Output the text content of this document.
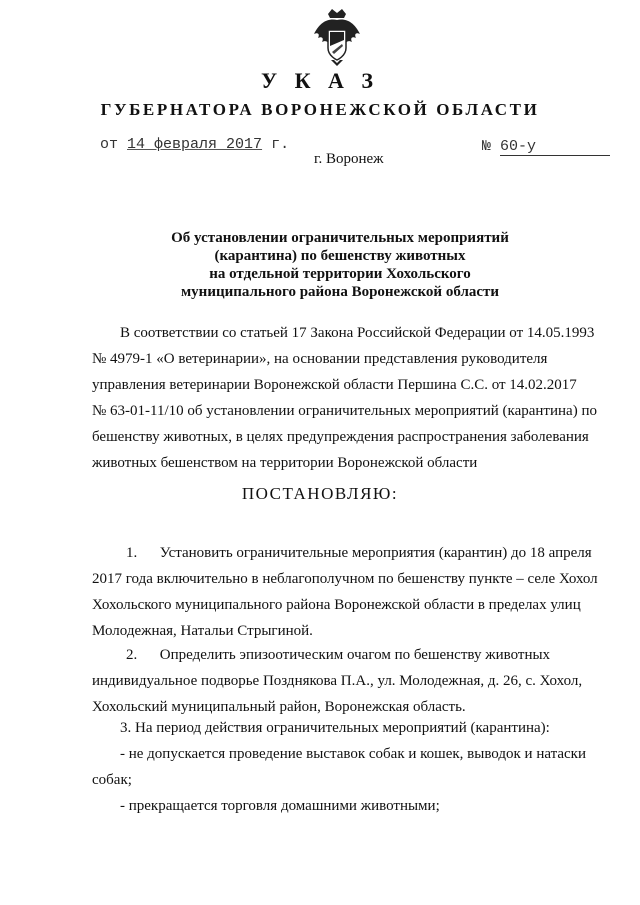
У К А З
ГУБЕРНАТОРА ВОРОНЕЖСКОЙ ОБЛАСТИ
от 14 февраля 2017 г.	№ 60-у
г. Воронеж
Об установлении ограничительных мероприятий
(карантина) по бешенству животных
на отдельной территории Хохольского
муниципального района Воронежской области
В соответствии со статьей 17 Закона Российской Федерации от 14.05.1993
№ 4979-1 «О ветеринарии», на основании представления руководителя
управления ветеринарии Воронежской области Першина С.С. от 14.02.2017
№ 63-01-11/10 об установлении ограничительных мероприятий (карантина) по
бешенству животных, в целях предупреждения распространения заболевания
животных бешенством на территории Воронежской области
ПОСТАНОВЛЯЮ:
1.      Установить ограничительные мероприятия (карантин) до 18 апреля
2017 года включительно в неблагополучном по бешенству пункте – селе Хохол
Хохольского муниципального района Воронежской области в пределах улиц
Молодежная, Натальи Стрыгиной.
2.      Определить эпизоотическим очагом по бешенству животных
индивидуальное подворье Позднякова П.А., ул. Молодежная, д. 26, с. Хохол,
Хохольский муниципальный район, Воронежская область.
3. На период действия ограничительных мероприятий (карантина):
- не допускается проведение выставок собак и кошек, выводок и натаски
собак;
- прекращается торговля домашними животными;
